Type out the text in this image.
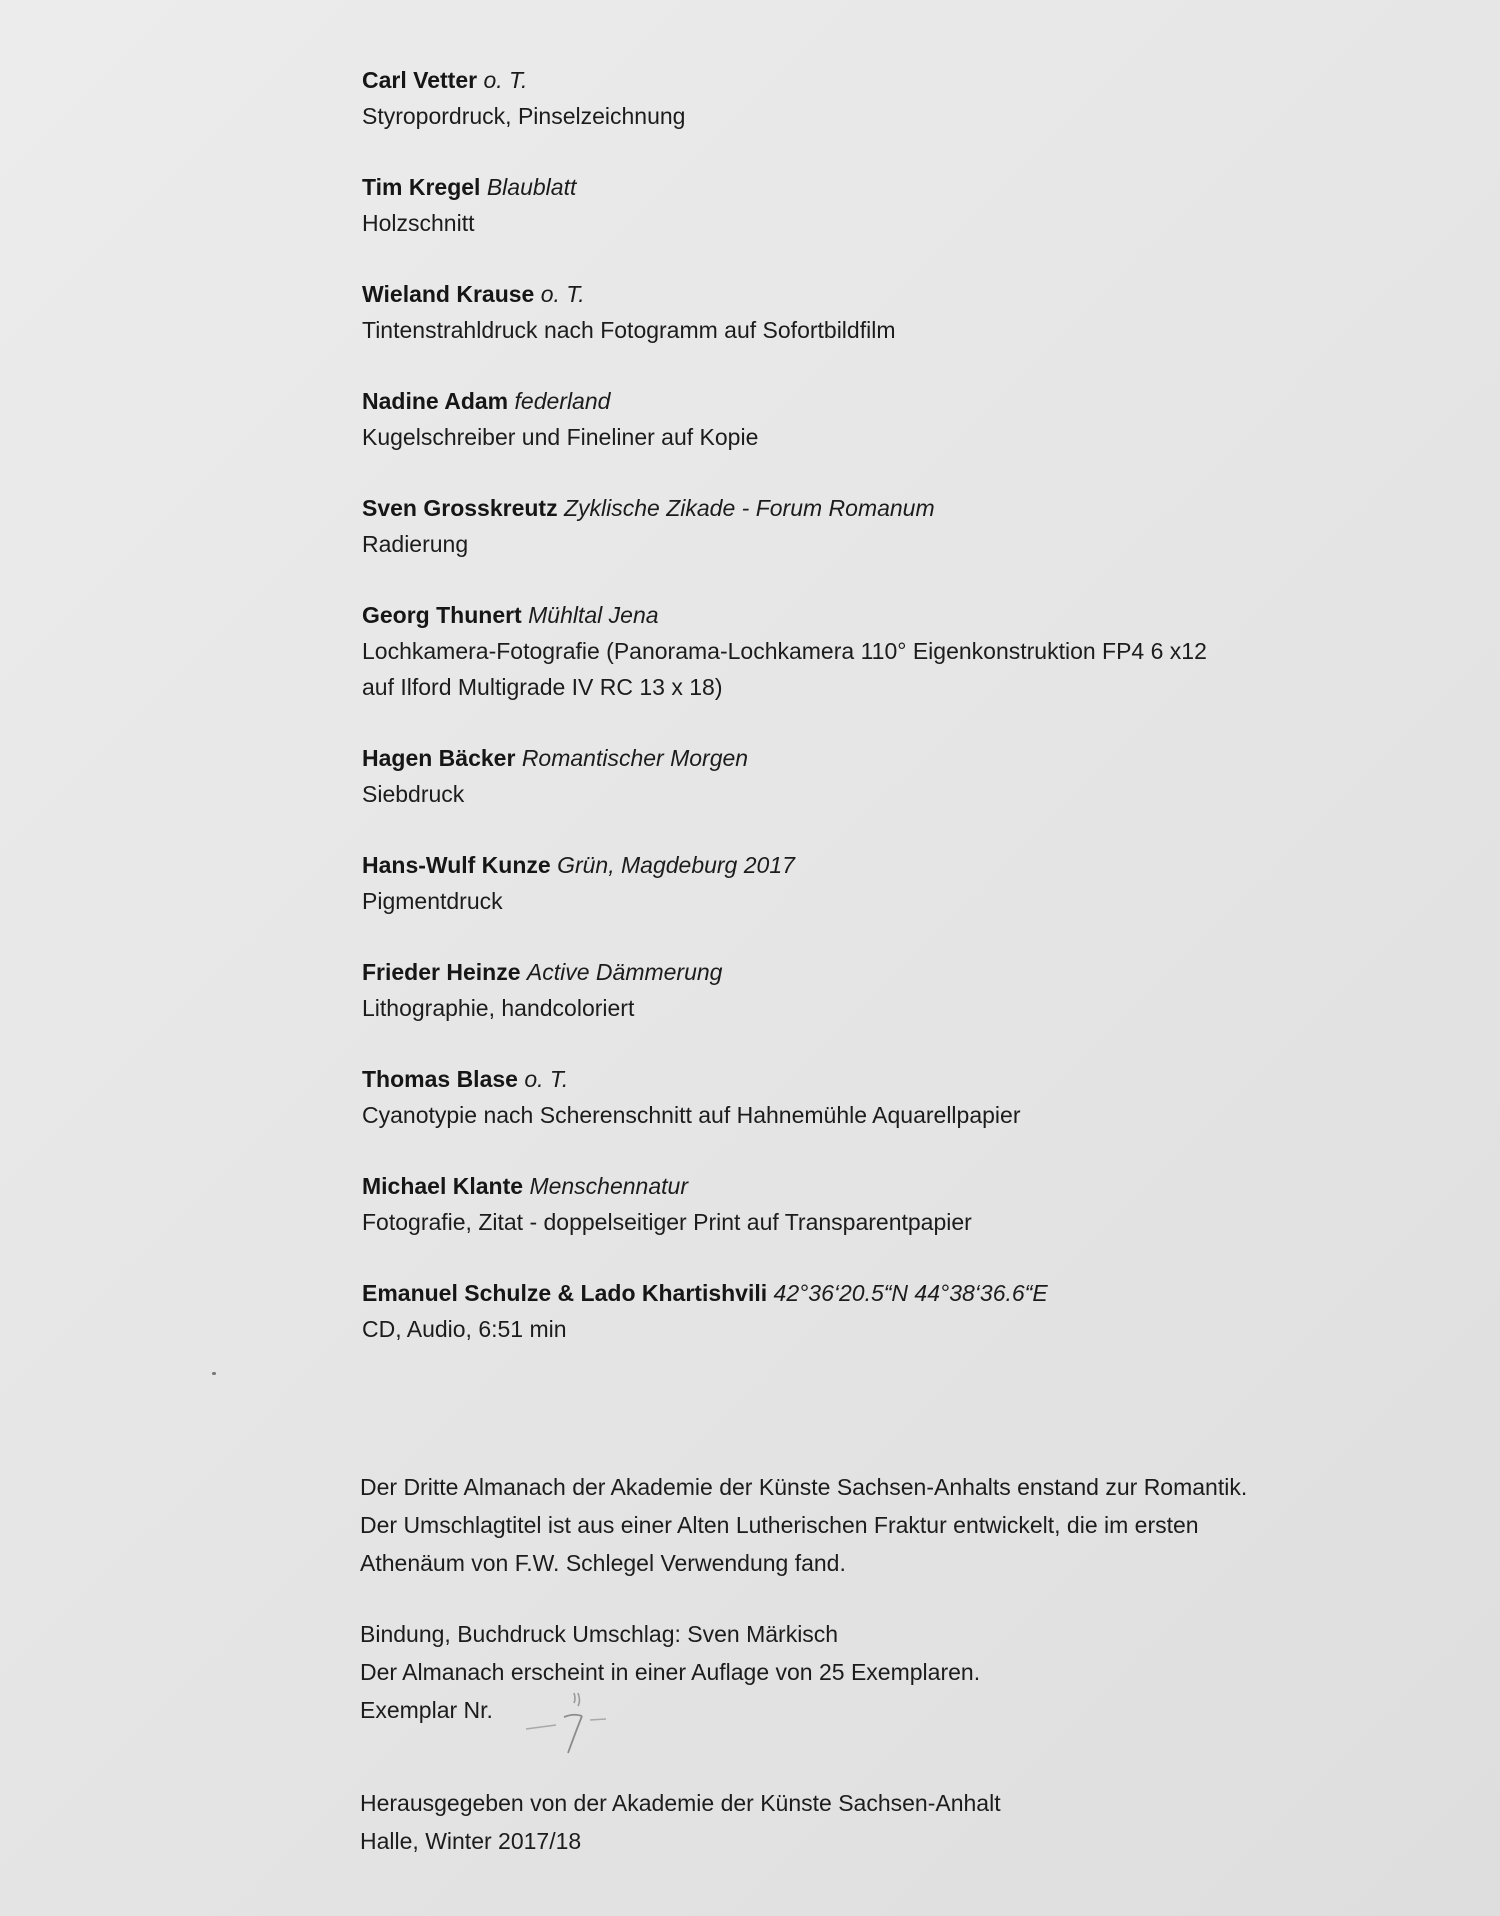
Carl Vetter o. T.
Styropordruck, Pinselzeichnung
Tim Kregel Blaublatt
Holzschnitt
Wieland Krause o. T.
Tintenstrahldruck nach Fotogramm auf Sofortbildfilm
Nadine Adam federland
Kugelschreiber und Fineliner auf Kopie
Sven Grosskreutz Zyklische Zikade - Forum Romanum
Radierung
Georg Thunert Mühltal Jena
Lochkamera-Fotografie (Panorama-Lochkamera 110° Eigenkonstruktion FP4 6 x12
auf Ilford Multigrade IV RC 13 x 18)
Hagen Bäcker Romantischer Morgen
Siebdruck
Hans-Wulf Kunze Grün, Magdeburg 2017
Pigmentdruck
Frieder Heinze Active Dämmerung
Lithographie, handcoloriert
Thomas Blase o. T.
Cyanotypie nach Scherenschnitt auf Hahnemühle Aquarellpapier
Michael Klante Menschennatur
Fotografie, Zitat - doppelseitiger Print auf Transparentpapier
Emanuel Schulze & Lado Khartishvili 42°36‘20.5“N 44°38‘36.6“E
CD, Audio, 6:51 min

Der Dritte Almanach der Akademie der Künste Sachsen-Anhalts enstand zur Romantik.

Der Umschlagtitel ist aus einer Alten Lutherischen Fraktur entwickelt, die im ersten

Athenäum von F.W. Schlegel Verwendung fand.

Bindung, Buchdruck Umschlag: Sven Märkisch

Der Almanach erscheint in einer Auflage von 25 Exemplaren.

Exemplar Nr.

Herausgegeben von der Akademie der Künste Sachsen-Anhalt

Halle, Winter 2017/18
